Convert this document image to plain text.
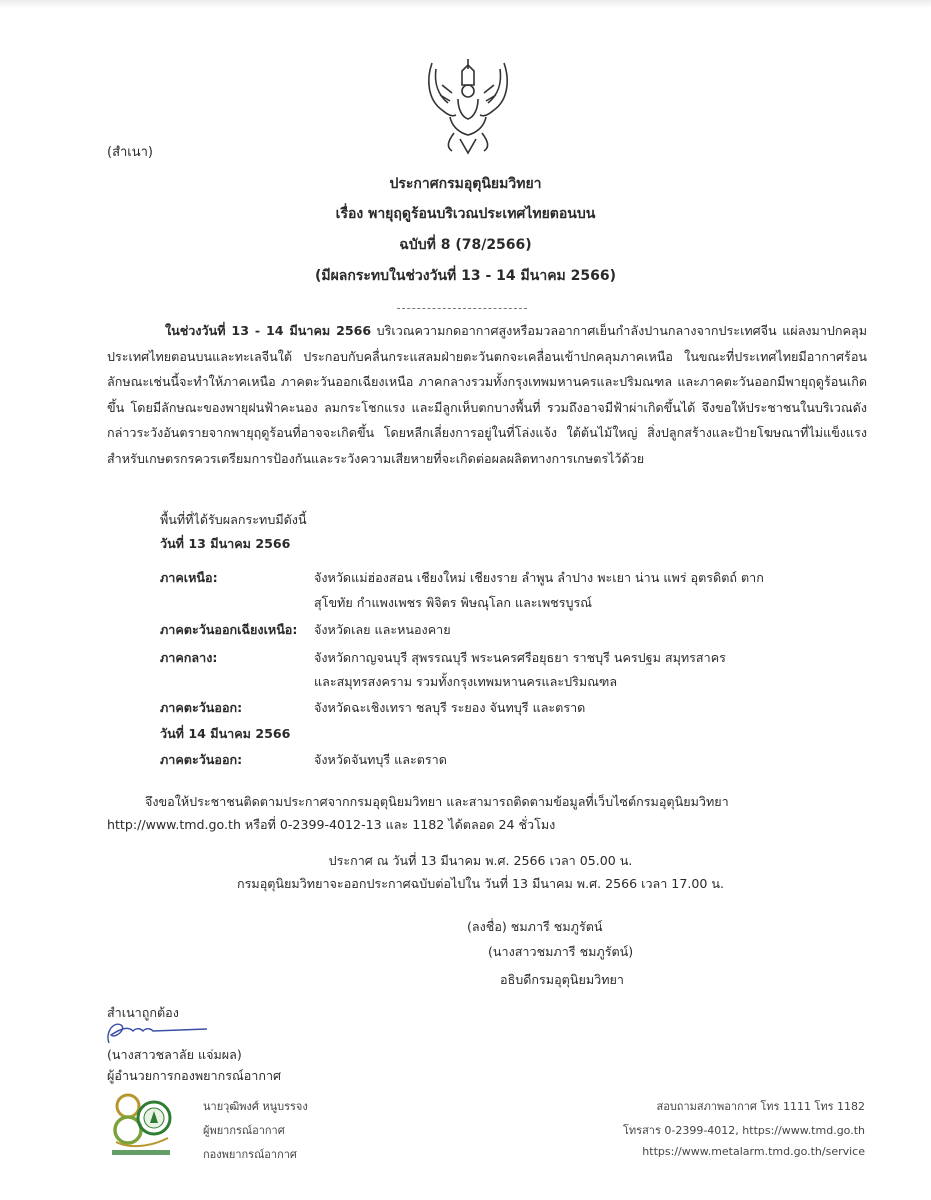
(สำเนา)
ประกาศกรมอุตุนิยมวิทยา
เรื่อง พายุฤดูร้อนบริเวณประเทศไทยตอนบน
ฉบับที่ 8 (78/2566)
(มีผลกระทบในช่วงวันที่ 13 - 14 มีนาคม 2566)
ในช่วงวันที่ 13 - 14 มีนาคม 2566 บริเวณความกดอากาศสูงหรือมวลอากาศเย็นกำลังปานกลางจากประเทศจีน แผ่ลงมาปกคลุมประเทศไทยตอนบนและทะเลจีนใต้ ประกอบกับคลื่นกระแสลมฝ่ายตะวันตกจะเคลื่อนเข้าปกคลุมภาคเหนือ ในขณะที่ประเทศไทยมีอากาศร้อน ลักษณะเช่นนี้จะทำให้ภาคเหนือ ภาคตะวันออกเฉียงเหนือ ภาคกลางรวมทั้งกรุงเทพมหานครและปริมณฑล และภาคตะวันออกมีพายุฤดูร้อนเกิดขึ้น โดยมีลักษณะของพายุฝนฟ้าคะนอง ลมกระโชกแรง และมีลูกเห็บตกบางพื้นที่ รวมถึงอาจมีฟ้าผ่าเกิดขึ้นได้ จึงขอให้ประชาชนในบริเวณดังกล่าวระวังอันตรายจากพายุฤดูร้อนที่อาจจะเกิดขึ้น โดยหลีกเลี่ยงการอยู่ในที่โล่งแจ้ง ใต้ต้นไม้ใหญ่ สิ่งปลูกสร้างและป้ายโฆษณาที่ไม่แข็งแรง สำหรับเกษตรกรควรเตรียมการป้องกันและระวังความเสียหายที่จะเกิดต่อผลผลิตทางการเกษตรไว้ด้วย
พื้นที่ที่ได้รับผลกระทบมีดังนี้
วันที่ 13 มีนาคม 2566
ภาคเหนือ:	จังหวัดแม่ฮ่องสอน เชียงใหม่ เชียงราย ลำพูน ลำปาง พะเยา น่าน แพร่ อุตรดิตถ์ ตาก
สุโขทัย กำแพงเพชร พิจิตร พิษณุโลก และเพชรบูรณ์
ภาคตะวันออกเฉียงเหนือ: จังหวัดเลย และหนองคาย
ภาคกลาง:	จังหวัดกาญจนบุรี สุพรรณบุรี พระนครศรีอยุธยา ราชบุรี นครปฐม สมุทรสาคร
และสมุทรสงคราม รวมทั้งกรุงเทพมหานครและปริมณฑล
ภาคตะวันออก:	จังหวัดฉะเชิงเทรา ชลบุรี ระยอง จันทบุรี และตราด
วันที่ 14 มีนาคม 2566
ภาคตะวันออก:	จังหวัดจันทบุรี และตราด
จึงขอให้ประชาชนติดตามประกาศจากกรมอุตุนิยมวิทยา และสามารถติดตามข้อมูลที่เว็บไซต์กรมอุตุนิยมวิทยา
http://www.tmd.go.th หรือที่ 0-2399-4012-13 และ 1182 ได้ตลอด 24 ชั่วโมง
ประกาศ ณ วันที่ 13 มีนาคม พ.ศ. 2566 เวลา 05.00 น.
กรมอุตุนิยมวิทยาจะออกประกาศฉบับต่อไปใน วันที่ 13 มีนาคม พ.ศ. 2566 เวลา 17.00 น.
(ลงชื่อ) ชมภารี ชมภูรัตน์
(นางสาวชมภารี ชมภูรัตน์)
อธิบดีกรมอุตุนิยมวิทยา
สำเนาถูกต้อง
(นางสาวชลาลัย แจ่มผล)
ผู้อำนวยการกองพยากรณ์อากาศ
นายวุฒิพงศ์ หนูบรรจง
ผู้พยากรณ์อากาศ
กองพยากรณ์อากาศ
สอบถามสภาพอากาศ โทร 1111 โทร 1182
โทรสาร 0-2399-4012, https://www.tmd.go.th
https://www.metalarm.tmd.go.th/service
